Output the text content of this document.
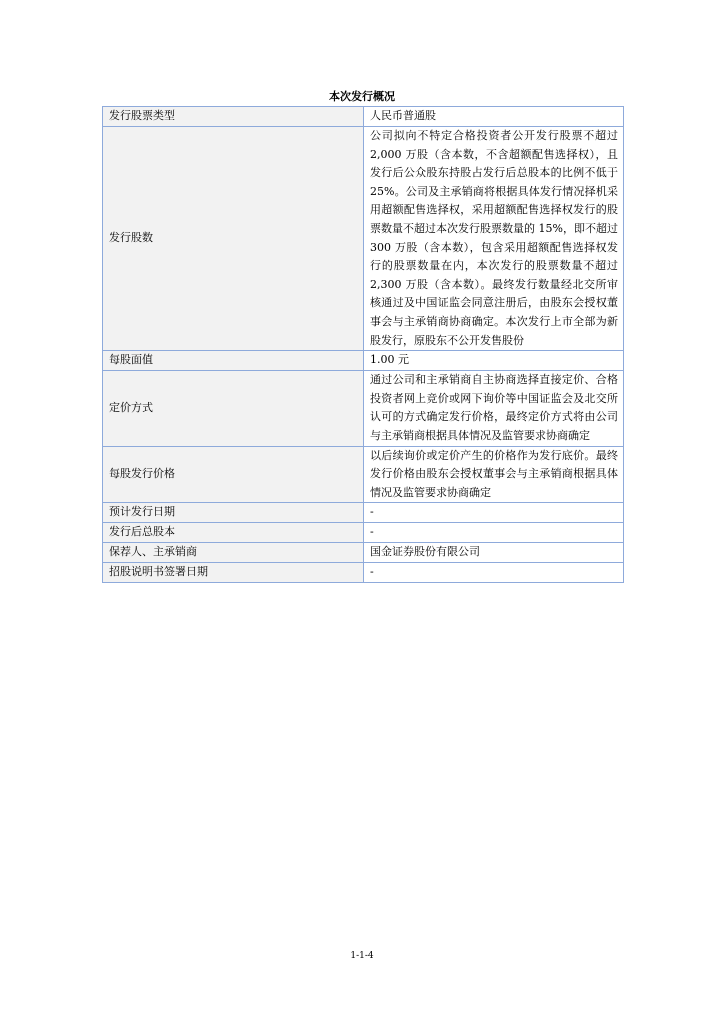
本次发行概况
发行股票类型	人民币普通股
发行股数	公司拟向不特定合格投资者公开发行股票不超过 2,000 万股（含本数，不含超额配售选择权），且发行后公众股东持股占发行后总股本的比例不低于 25%。公司及主承销商将根据具体发行情况择机采用超额配售选择权，采用超额配售选择权发行的股票数量不超过本次发行股票数量的 15%，即不超过 300 万股（含本数），包含采用超额配售选择权发行的股票数量在内，本次发行的股票数量不超过 2,300 万股（含本数）。最终发行数量经北交所审核通过及中国证监会同意注册后，由股东会授权董事会与主承销商协商确定。本次发行上市全部为新股发行，原股东不公开发售股份
每股面值	1.00 元
定价方式	通过公司和主承销商自主协商选择直接定价、合格投资者网上竞价或网下询价等中国证监会及北交所认可的方式确定发行价格，最终定价方式将由公司与主承销商根据具体情况及监管要求协商确定
每股发行价格	以后续询价或定价产生的价格作为发行底价。最终发行价格由股东会授权董事会与主承销商根据具体情况及监管要求协商确定
预计发行日期	-
发行后总股本	-
保荐人、主承销商	国金证券股份有限公司
招股说明书签署日期	-
1-1-4
